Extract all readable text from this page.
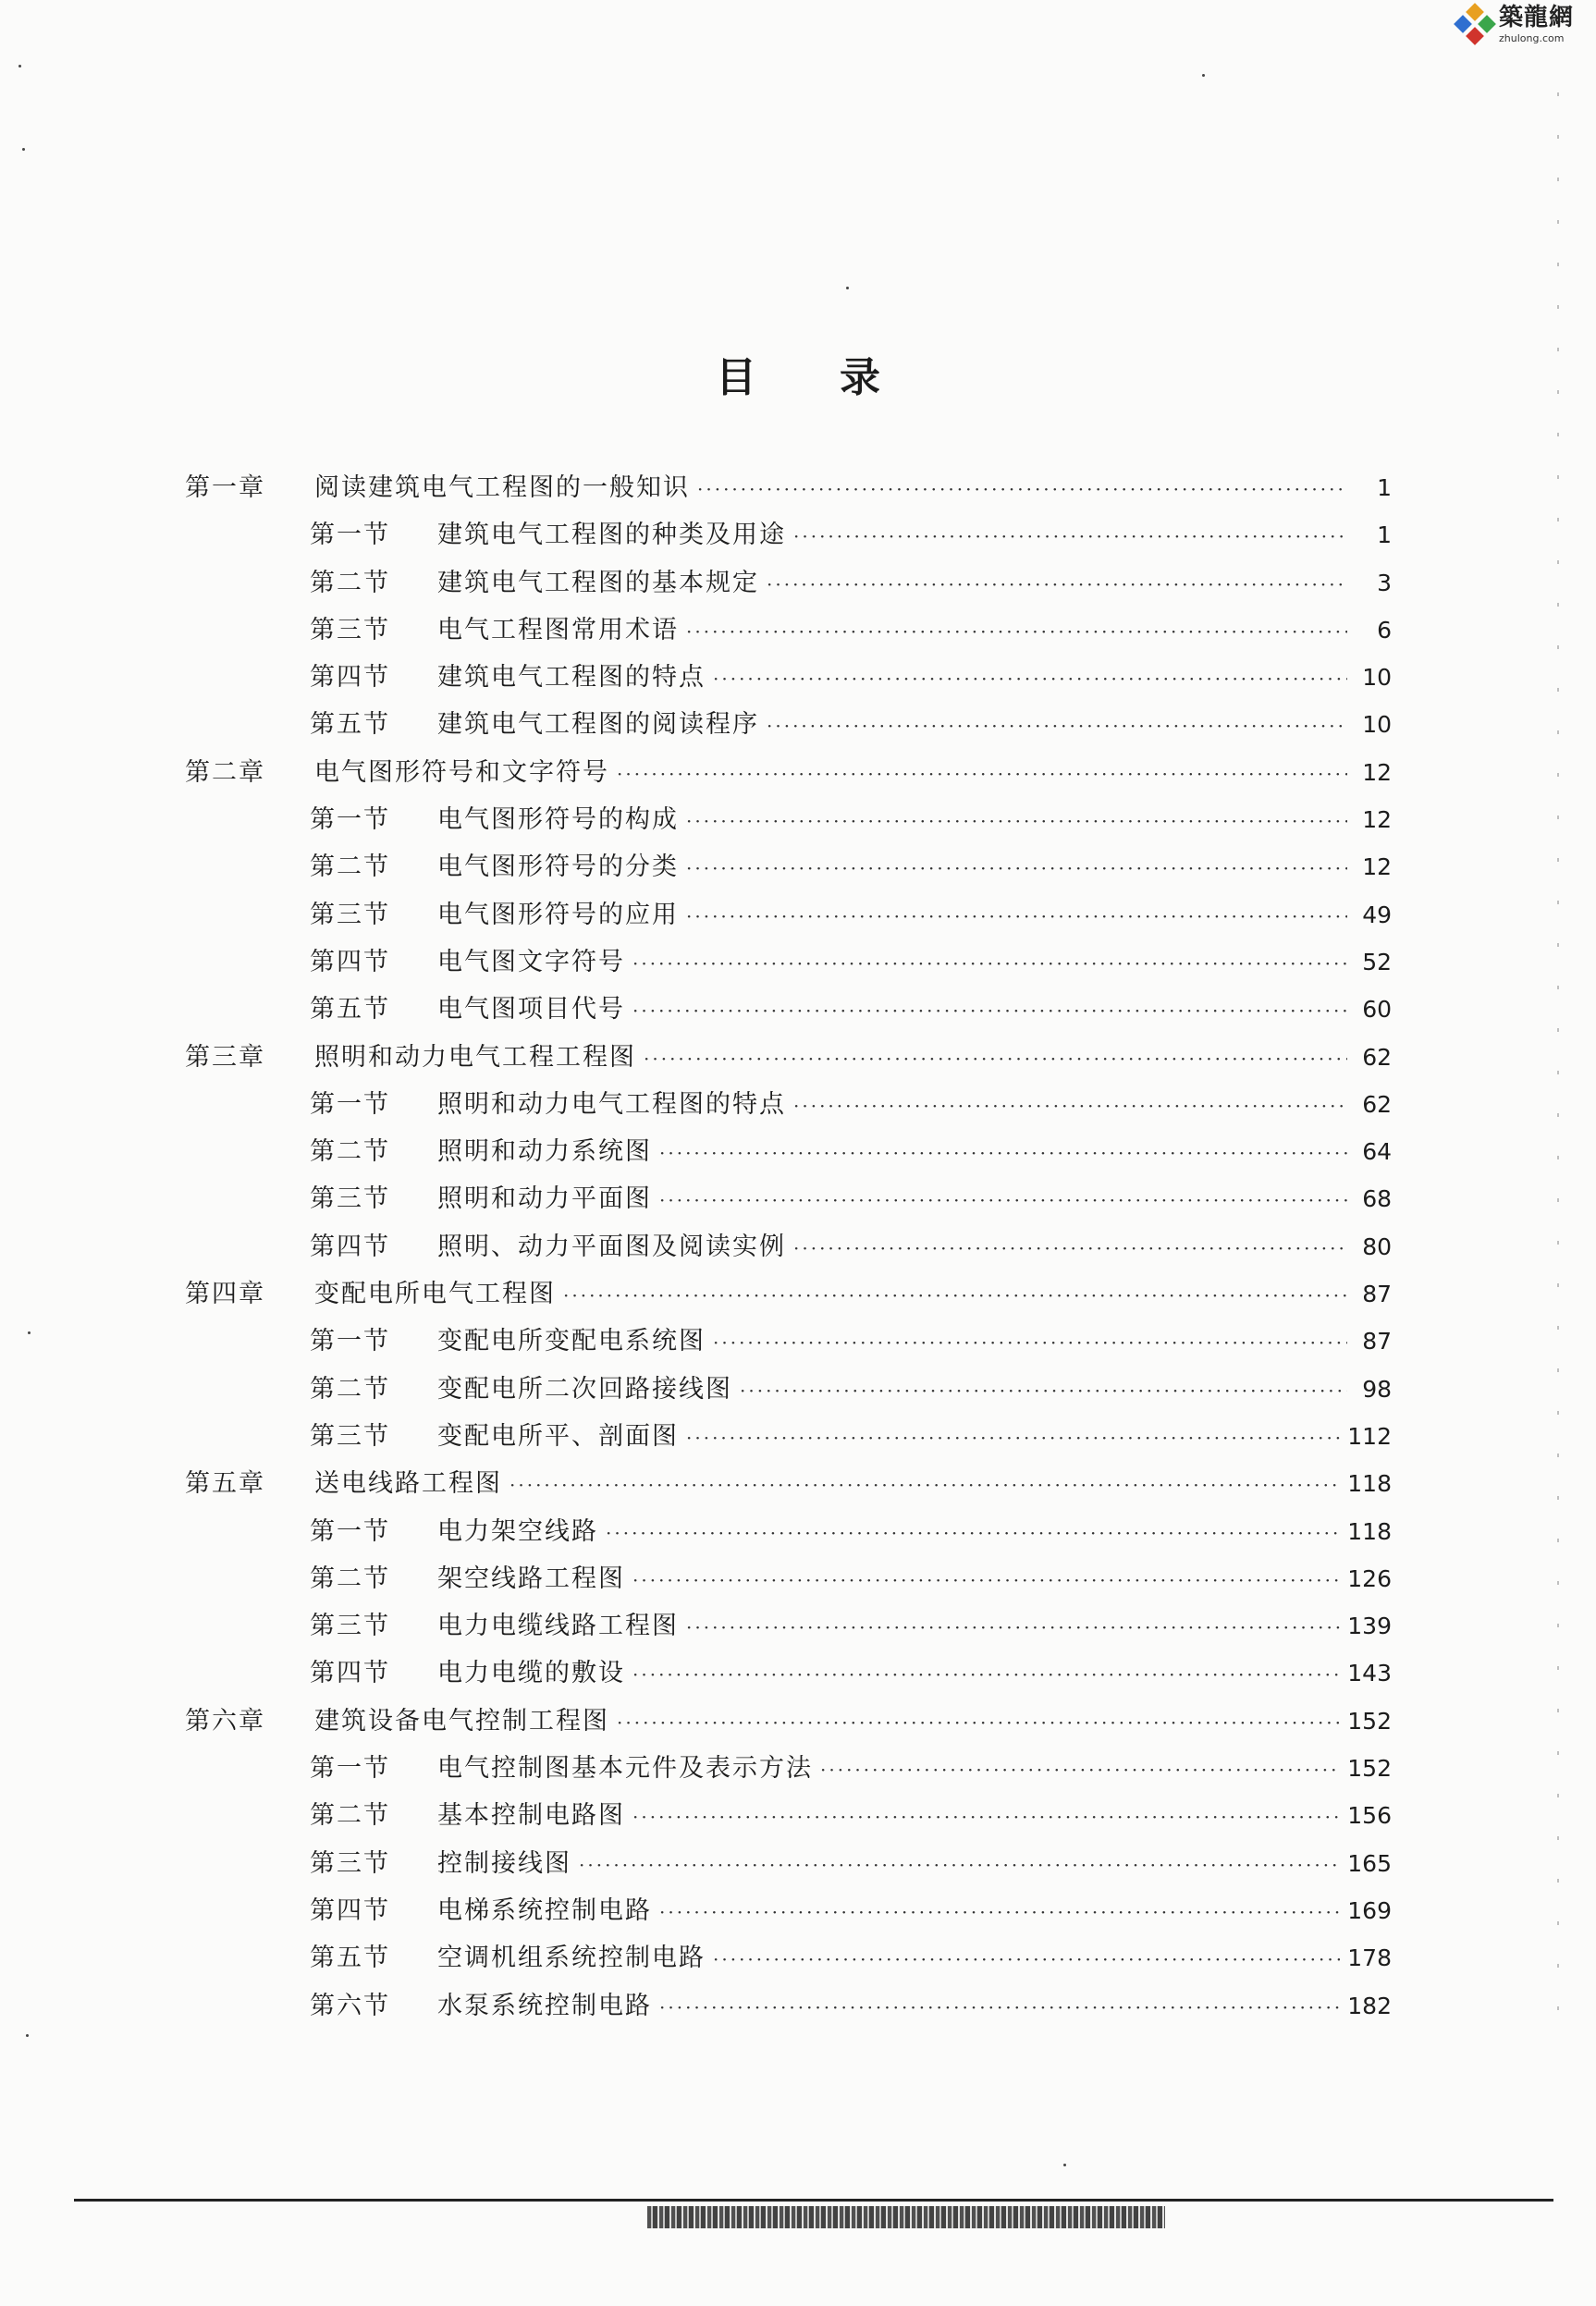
築龍網
zhulong.com
目录
第一章	阅读建筑电气工程图的一般知识 ·····	1
第一节	建筑电气工程图的种类及用途 ·····	1
第二节	建筑电气工程图的基本规定 ·····	3
第三节	电气工程图常用术语 ·····	6
第四节	建筑电气工程图的特点 ·····	10
第五节	建筑电气工程图的阅读程序 ·····	10
第二章	电气图形符号和文字符号 ·····	12
第一节	电气图形符号的构成 ·····	12
第二节	电气图形符号的分类 ·····	12
第三节	电气图形符号的应用 ·····	49
第四节	电气图文字符号 ·····	52
第五节	电气图项目代号 ·····	60
第三章	照明和动力电气工程工程图 ·····	62
第一节	照明和动力电气工程图的特点 ·····	62
第二节	照明和动力系统图 ·····	64
第三节	照明和动力平面图 ·····	68
第四节	照明、动力平面图及阅读实例 ·····	80
第四章	变配电所电气工程图 ·····	87
第一节	变配电所变配电系统图 ·····	87
第二节	变配电所二次回路接线图 ·····	98
第三节	变配电所平、剖面图 ·····	112
第五章	送电线路工程图 ·····	118
第一节	电力架空线路 ·····	118
第二节	架空线路工程图 ·····	126
第三节	电力电缆线路工程图 ·····	139
第四节	电力电缆的敷设 ·····	143
第六章	建筑设备电气控制工程图 ·····	152
第一节	电气控制图基本元件及表示方法 ·····	152
第二节	基本控制电路图 ·····	156
第三节	控制接线图 ·····	165
第四节	电梯系统控制电路 ·····	169
第五节	空调机组系统控制电路 ·····	178
第六节	水泵系统控制电路 ·····	182
